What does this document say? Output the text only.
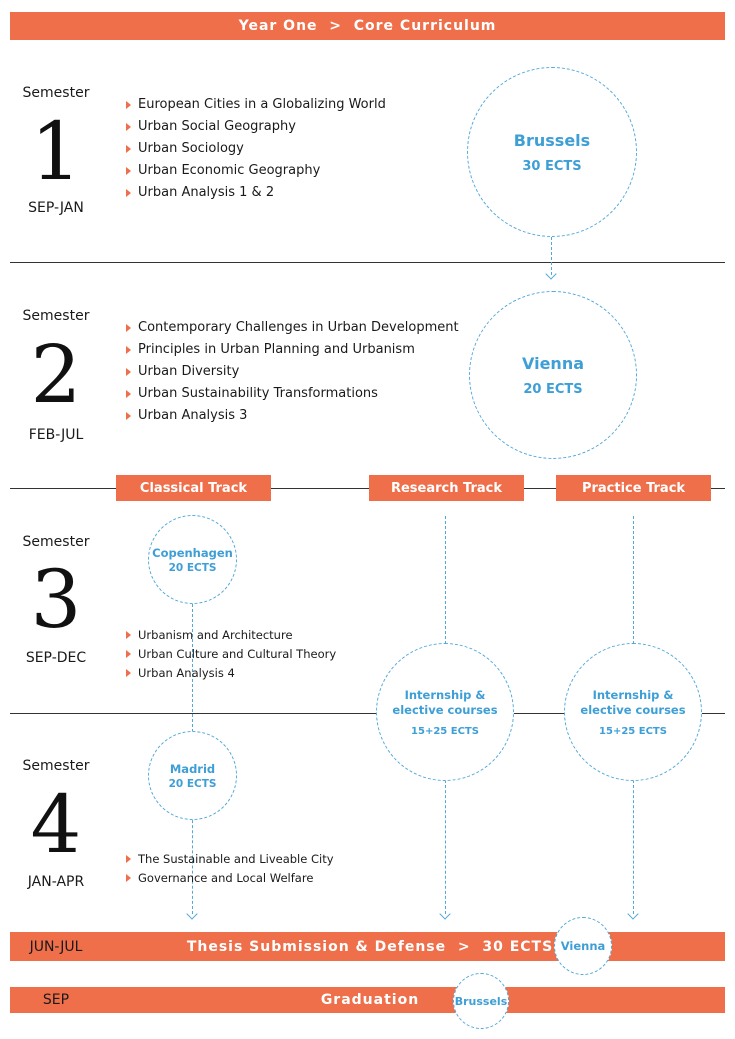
Year One  >  Core Curriculum
Semester
1
SEP-JAN
European Cities in a Globalizing World
Urban Social Geography
Urban Sociology
Urban Economic Geography
Urban Analysis 1 & 2
Brussels
30 ECTS
Semester
2
FEB-JUL
Contemporary Challenges in Urban Development
Principles in Urban Planning and Urbanism
Urban Diversity
Urban Sustainability Transformations
Urban Analysis 3
Vienna
20 ECTS
Classical Track	Research Track	Practice Track
Semester
3
SEP-DEC
Copenhagen
20 ECTS
Urbanism and Architecture
Urban Culture and Cultural Theory
Urban Analysis 4
Internship &
elective courses
15+25 ECTS
Internship &
elective courses
15+25 ECTS
Semester
4
JAN-APR
Madrid
20 ECTS
The Sustainable and Liveable City
Governance and Local Welfare
JUN-JUL	Thesis Submission & Defense  >  30 ECTS Vienna
SEP	Graduation	Brussels
